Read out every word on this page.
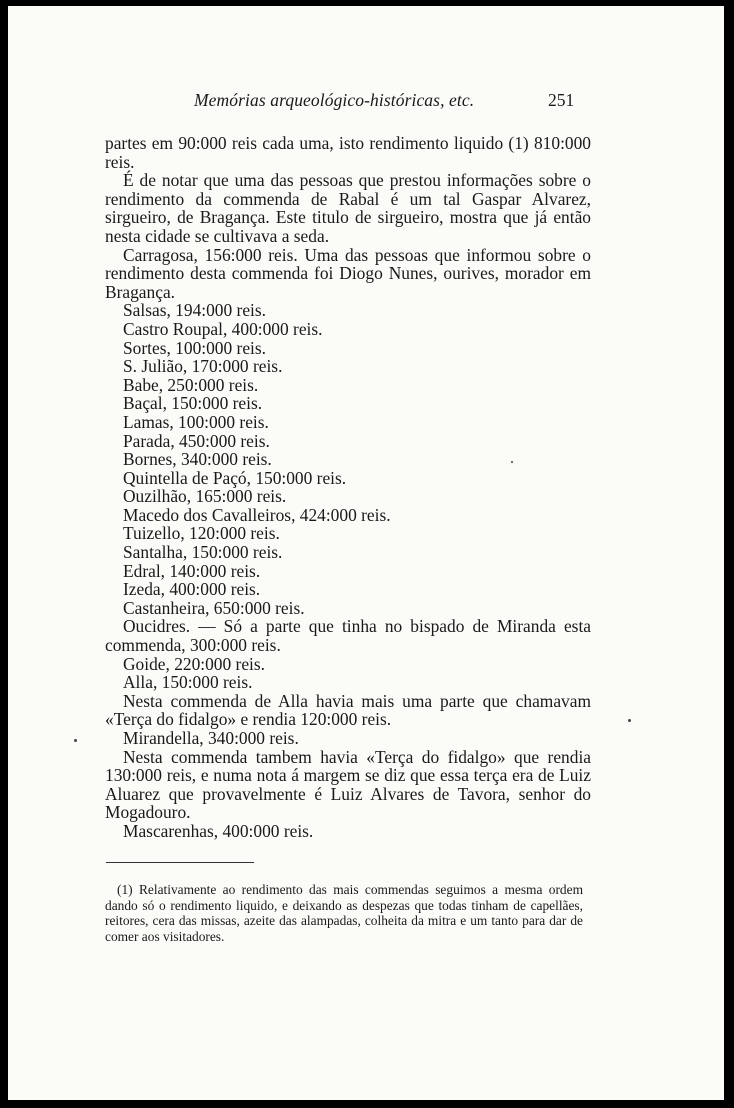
Memórias arqueológico-históricas, etc.	251

partes em 90:000 reis cada uma, isto rendimento liquido (1) 810:000 reis.

É de notar que uma das pessoas que prestou informações sobre o rendimento da commenda de Rabal é um tal Gaspar Alvarez, sirgueiro, de Bragança. Este titulo de sirgueiro, mostra que já então nesta cidade se cultivava a seda.

Carragosa, 156:000 reis. Uma das pessoas que informou sobre o rendimento desta commenda foi Diogo Nunes, ourives, morador em Bragança.

Salsas, 194:000 reis.

Castro Roupal, 400:000 reis.

Sortes, 100:000 reis.

S. Julião, 170:000 reis.

Babe, 250:000 reis.

Baçal, 150:000 reis.

Lamas, 100:000 reis.

Parada, 450:000 reis.

Bornes, 340:000 reis.

Quintella de Paçó, 150:000 reis.

Ouzilhão, 165:000 reis.

Macedo dos Cavalleiros, 424:000 reis.

Tuizello, 120:000 reis.

Santalha, 150:000 reis.

Edral, 140:000 reis.

Izeda, 400:000 reis.

Castanheira, 650:000 reis.

Oucidres. — Só a parte que tinha no bispado de Miranda esta commenda, 300:000 reis.

Goide, 220:000 reis.

Alla, 150:000 reis.

Nesta commenda de Alla havia mais uma parte que chamavam «Terça do fidalgo» e rendia 120:000 reis.

Mirandella, 340:000 reis.

Nesta commenda tambem havia «Terça do fidalgo» que rendia 130:000 reis, e numa nota á margem se diz que essa terça era de Luiz Aluarez que provavelmente é Luiz Alvares de Tavora, senhor do Mogadouro.

Mascarenhas, 400:000 reis.

(1) Relativamente ao rendimento das mais commendas seguimos a mesma ordem dando só o rendimento liquido, e deixando as despezas que todas tinham de capellães, reitores, cera das missas, azeite das alampadas, colheita da mitra e um tanto para dar de comer aos visitadores.
